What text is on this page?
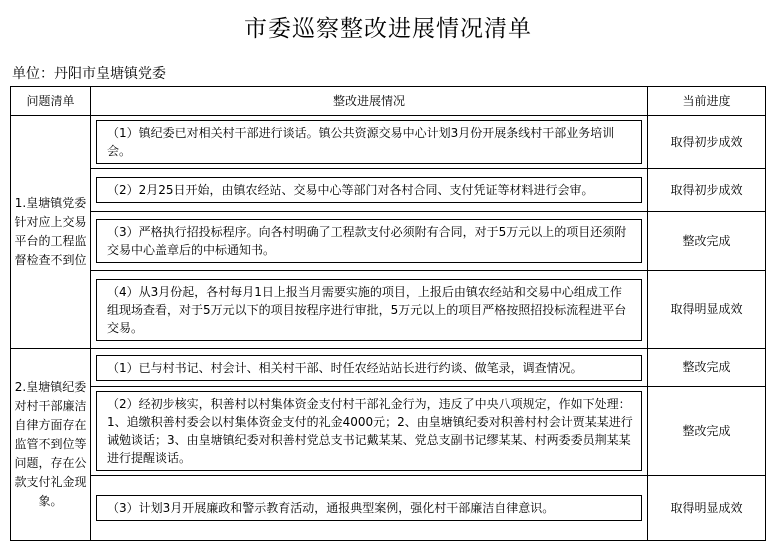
市委巡察整改进展情况清单
单位：丹阳市皇塘镇党委
问题清单	整改进展情况	当前进度
1.皇塘镇党委针对应上交易平台的工程监督检查不到位	（1）镇纪委已对相关村干部进行谈话。镇公共资源交易中心计划3月份开展条线村干部业务培训会。	取得初步成效

	（2）2月25日开始，由镇农经站、交易中心等部门对各村合同、支付凭证等材料进行会审。	取得初步成效

	（3）严格执行招投标程序。向各村明确了工程款支付必须附有合同，对于5万元以上的项目还须附交易中心盖章后的中标通知书。	整改完成

	（4）从3月份起，各村每月1日上报当月需要实施的项目，上报后由镇农经站和交易中心组成工作组现场查看，对于5万元以下的项目按程序进行审批，5万元以上的项目严格按照招投标流程进平台交易。	取得明显成效
2.皇塘镇纪委对村干部廉洁自律方面存在监管不到位等问题，存在公款支付礼金现象。	（1）已与村书记、村会计、相关村干部、时任农经站站长进行约谈、做笔录，调查情况。	整改完成

	（2）经初步核实，积善村以村集体资金支付村干部礼金行为，违反了中央八项规定，作如下处理：1、追缴积善村委会以村集体资金支付的礼金4000元；2、由皇塘镇纪委对积善村村会计贾某某进行诫勉谈话；3、由皇塘镇纪委对积善村党总支书记戴某某、党总支副书记缪某某、村两委委员荆某某进行提醒谈话。	整改完成

	（3）计划3月开展廉政和警示教育活动，通报典型案例，强化村干部廉洁自律意识。	取得明显成效
